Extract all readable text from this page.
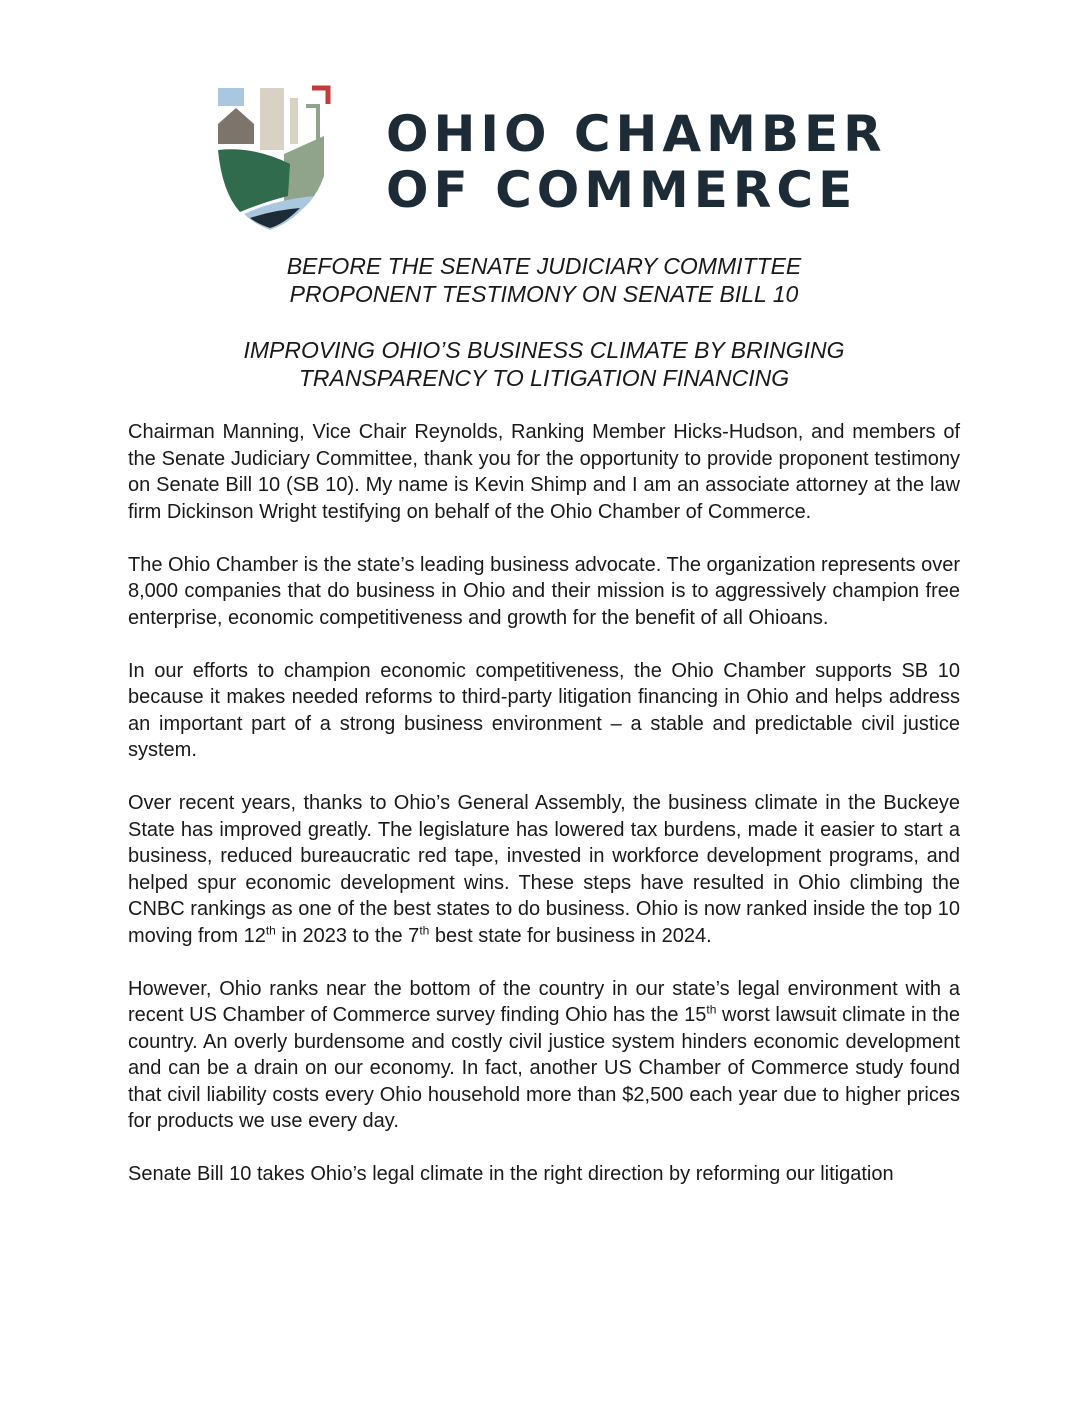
OHIO CHAMBER
OF COMMERCE

BEFORE THE SENATE JUDICIARY COMMITTEE

PROPONENT TESTIMONY ON SENATE BILL 10

IMPROVING OHIO’S BUSINESS CLIMATE BY BRINGING

TRANSPARENCY TO LITIGATION FINANCING

Chairman Manning, Vice Chair Reynolds, Ranking Member Hicks-Hudson, and members of the Senate Judiciary Committee, thank you for the opportunity to provide proponent testimony on Senate Bill 10 (SB 10). My name is Kevin Shimp and I am an associate attorney at the law firm Dickinson Wright testifying on behalf of the Ohio Chamber of Commerce.

The Ohio Chamber is the state’s leading business advocate. The organization represents over 8,000 companies that do business in Ohio and their mission is to aggressively champion free enterprise, economic competitiveness and growth for the benefit of all Ohioans.

In our efforts to champion economic competitiveness, the Ohio Chamber supports SB 10 because it makes needed reforms to third-party litigation financing in Ohio and helps address an important part of a strong business environment – a stable and predictable civil justice system.

Over recent years, thanks to Ohio’s General Assembly, the business climate in the Buckeye State has improved greatly. The legislature has lowered tax burdens, made it easier to start a business, reduced bureaucratic red tape, invested in workforce development programs, and helped spur economic development wins. These steps have resulted in Ohio climbing the CNBC rankings as one of the best states to do business. Ohio is now ranked inside the top 10 moving from 12th in 2023 to the 7th best state for business in 2024.

However, Ohio ranks near the bottom of the country in our state’s legal environment with a recent US Chamber of Commerce survey finding Ohio has the 15th worst lawsuit climate in the country. An overly burdensome and costly civil justice system hinders economic development and can be a drain on our economy. In fact, another US Chamber of Commerce study found that civil liability costs every Ohio household more than $2,500 each year due to higher prices for products we use every day.

Senate Bill 10 takes Ohio’s legal climate in the right direction by reforming our litigation
